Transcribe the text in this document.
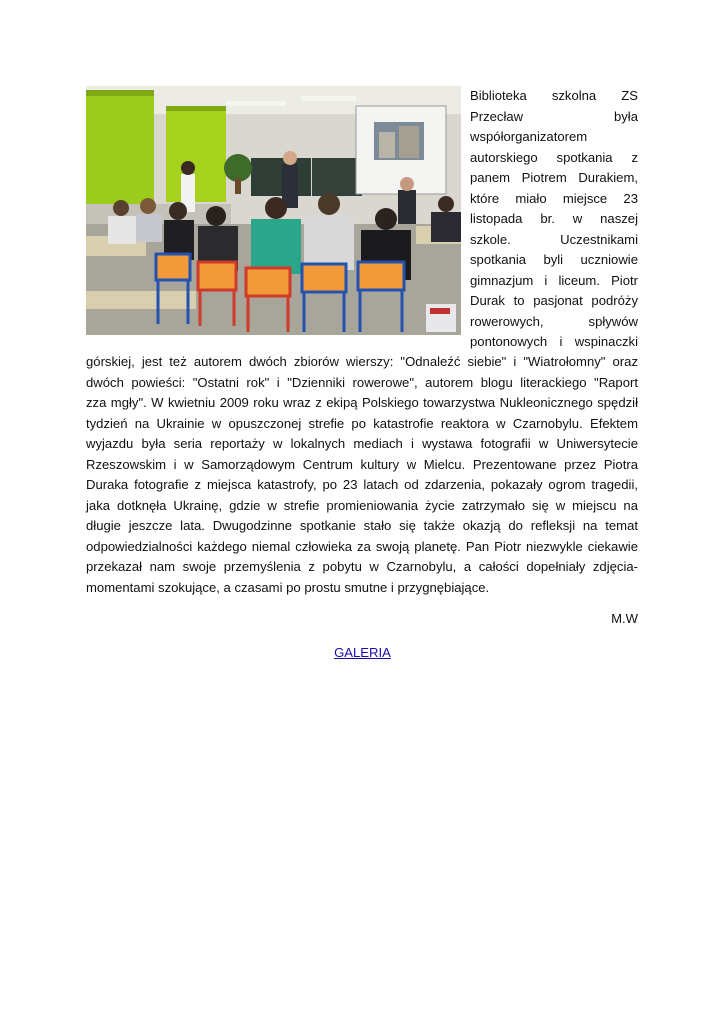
Biblioteka szkolna ZS
Przecław była
współorganizatorem
autorskiego spotkania z
panem Piotrem Durakiem,
które miało miejsce 23
listopada br. w naszej
szkole. Uczestnikami
spotkania byli uczniowie
gimnazjum i liceum. Piotr
Durak to pasjonat podróży
rowerowych, spływów
pontonowych i wspinaczki
górskiej, jest też autorem dwóch zbiorów wierszy: "Odnaleźć siebie" i "Wiatrołomny" oraz
dwóch powieści: "Ostatni rok" i "Dzienniki rowerowe", autorem blogu literackiego "Raport
zza mgły". W kwietniu 2009 roku wraz z ekipą Polskiego towarzystwa Nukleonicznego spędził
tydzień na Ukrainie w opuszczonej strefie po katastrofie reaktora w Czarnobylu. Efektem
wyjazdu była seria reportaży w lokalnych mediach i wystawa fotografii w Uniwersytecie
Rzeszowskim i w Samorządowym Centrum kultury w Mielcu. Prezentowane przez Piotra
Duraka fotografie z miejsca katastrofy, po 23 latach od zdarzenia, pokazały ogrom tragedii,
jaka dotknęła Ukrainę, gdzie w strefie promieniowania życie zatrzymało się w miejscu na
długie jeszcze lata. Dwugodzinne spotkanie stało się także okazją do refleksji na temat
odpowiedzialności każdego niemal człowieka za swoją planetę. Pan Piotr niezwykle ciekawie
przekazał nam swoje przemyślenia z pobytu w Czarnobylu, a całości dopełniały zdjęcia-
momentami szokujące, a czasami po prostu smutne i przygnębiające.
M.W
GALERIA
